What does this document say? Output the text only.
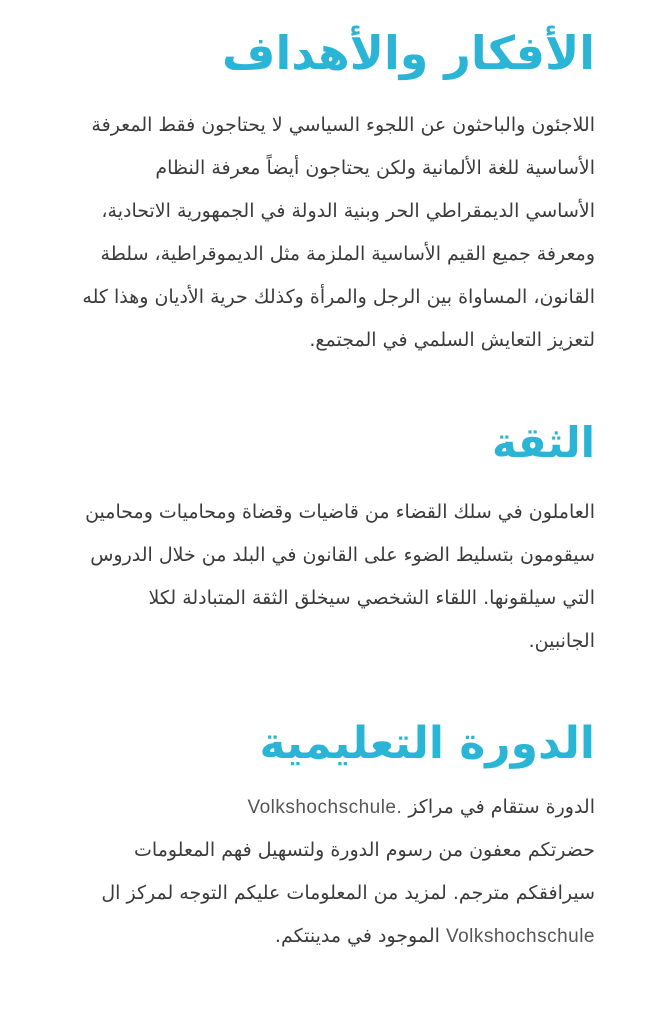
الأفكار والأهداف

اللاجئون والباحثون عن اللجوء السياسي لا يحتاجون فقط المعرفة
الأساسية للغة الألمانية ولكن يحتاجون أيضاً معرفة النظام
الأساسي الديمقراطي الحر وبنية الدولة في الجمهورية الاتحادية،
ومعرفة جميع القيم الأساسية الملزمة مثل الديموقراطية، سلطة
القانون، المساواة بين الرجل والمرأة وكذلك حرية الأديان وهذا كله
لتعزيز التعايش السلمي في المجتمع.

الثقة

العاملون في سلك القضاء من قاضيات وقضاة ومحاميات ومحامين
سيقومون بتسليط الضوء على القانون في البلد من خلال الدروس
التي سيلقونها. اللقاء الشخصي سيخلق الثقة المتبادلة لكلا
الجانبين.

الدورة التعليمية

الدورة ستقام في مراكز Volkshochschule.
حضرتكم معفون من رسوم الدورة ولتسهيل فهم المعلومات
سيرافقكم مترجم. لمزيد من المعلومات عليكم التوجه لمركز ال
Volkshochschule الموجود في مدينتكم.
